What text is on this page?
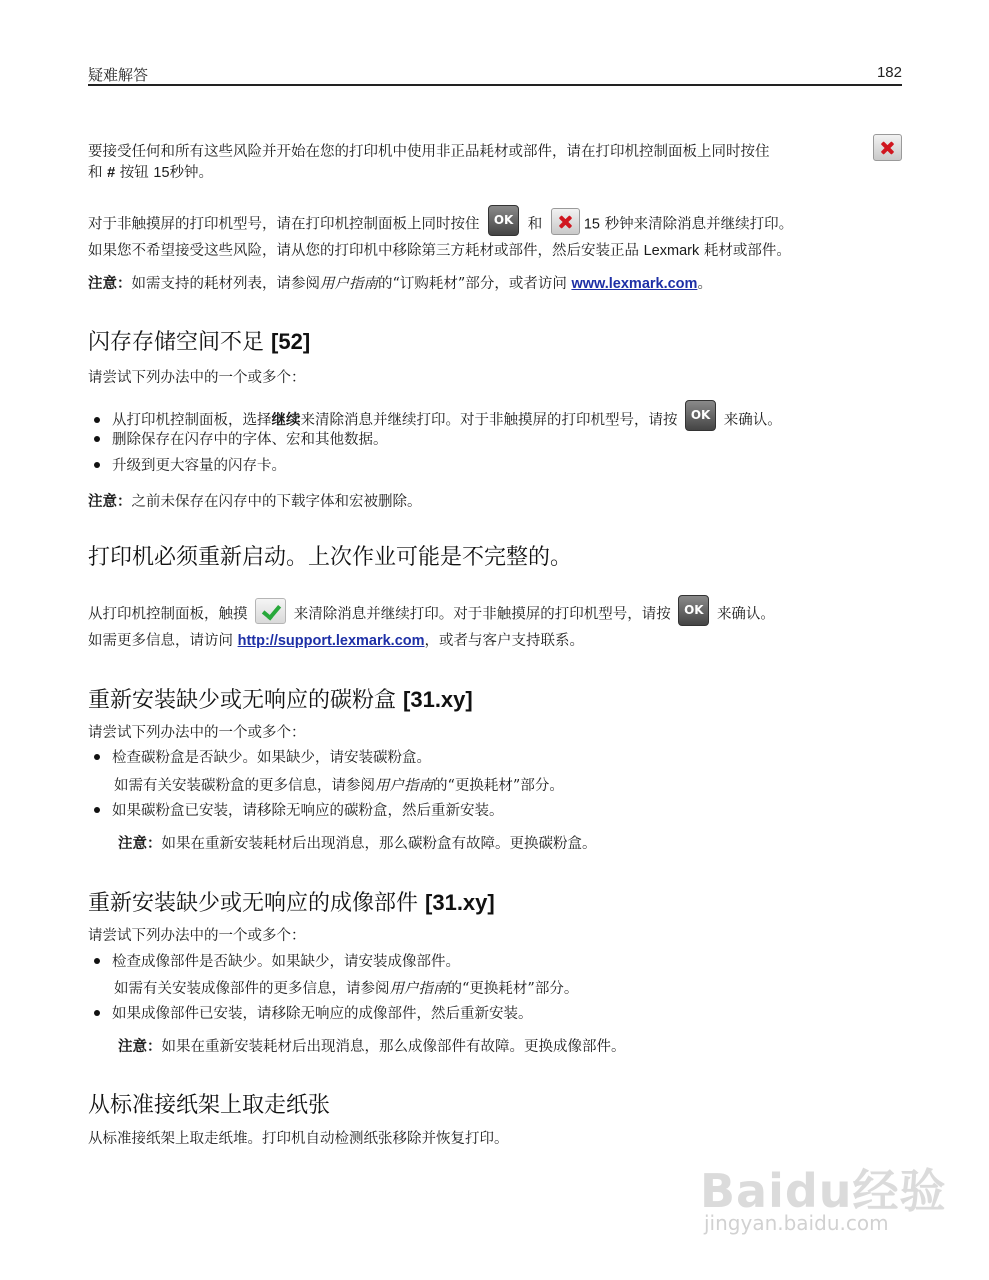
疑难解答	182
要接受任何和所有这些风险并开始在您的打印机中使用非正品耗材或部件，请在打印机控制面板上同时按住
和 # 按钮 15秒钟。
对于非触摸屏的打印机型号，请在打印机控制面板上同时按住 OK 和	15 秒钟来清除消息并继续打印。
如果您不希望接受这些风险，请从您的打印机中移除第三方耗材或部件，然后安装正品 Lexmark 耗材或部件。
注意：如需支持的耗材列表，请参阅用户指南的“订购耗材”部分，或者访问 www.lexmark.com。
闪存存储空间不足 [52]
请尝试下列办法中的一个或多个：
从打印机控制面板，选择继续来清除消息并继续打印。对于非触摸屏的打印机型号，请按 OK 来确认。
删除保存在闪存中的字体、宏和其他数据。
升级到更大容量的闪存卡。
注意：之前未保存在闪存中的下载字体和宏被删除。
打印机必须重新启动。上次作业可能是不完整的。
从打印机控制面板，触摸	来清除消息并继续打印。对于非触摸屏的打印机型号，请按 OK 来确认。
如需更多信息，请访问 http://support.lexmark.com，或者与客户支持联系。
重新安装缺少或无响应的碳粉盒 [31.xy]
请尝试下列办法中的一个或多个：
检查碳粉盒是否缺少。如果缺少，请安装碳粉盒。
如需有关安装碳粉盒的更多信息，请参阅用户指南的“更换耗材”部分。
如果碳粉盒已安装，请移除无响应的碳粉盒，然后重新安装。
注意：如果在重新安装耗材后出现消息，那么碳粉盒有故障。更换碳粉盒。
重新安装缺少或无响应的成像部件 [31.xy]
请尝试下列办法中的一个或多个：
检查成像部件是否缺少。如果缺少，请安装成像部件。
如需有关安装成像部件的更多信息，请参阅用户指南的“更换耗材”部分。
如果成像部件已安装，请移除无响应的成像部件，然后重新安装。
注意：如果在重新安装耗材后出现消息，那么成像部件有故障。更换成像部件。
从标准接纸架上取走纸张
从标准接纸架上取走纸堆。打印机自动检测纸张移除并恢复打印。
Baidu经验
jingyan.baidu.com
